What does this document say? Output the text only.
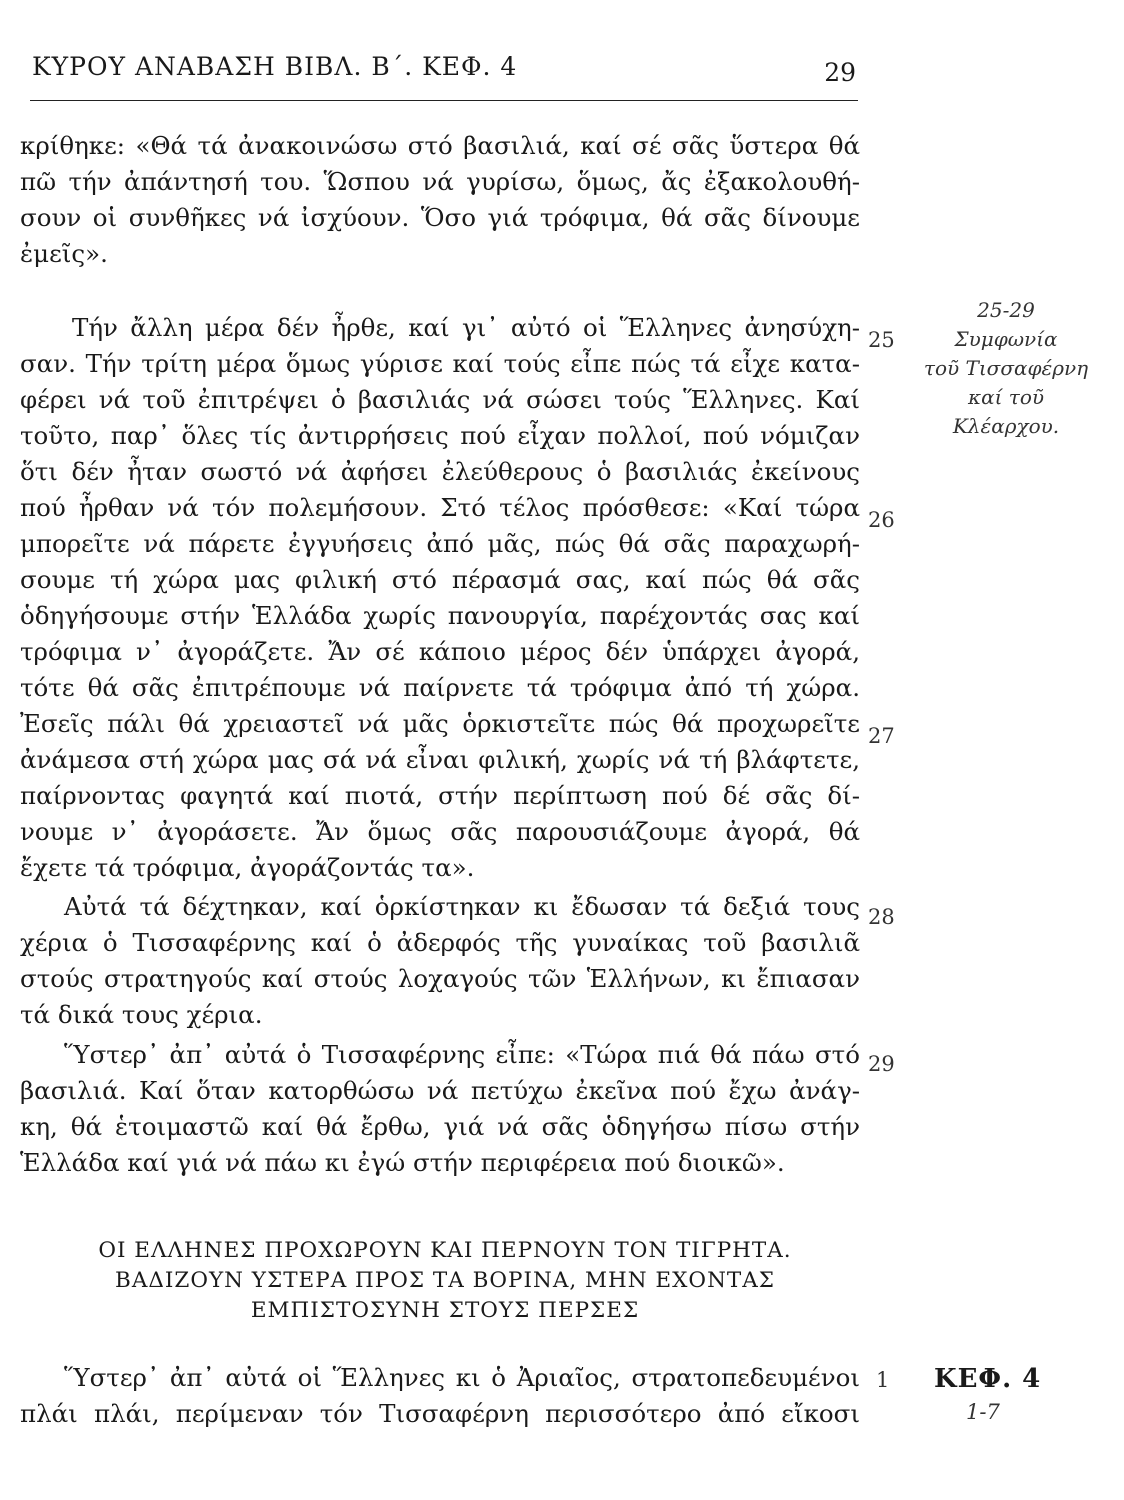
ΚΥΡΟΥ ΑΝΑΒΑΣΗ ΒΙΒΛ. Β΄. ΚΕΦ. 4	29
κρίθηκε: «Θά τά ἀνακοινώσω στό βασιλιά, καί σέ σᾶς ὕστερα θά
πῶ τήν ἀπάντησή του. Ὥσπου νά γυρίσω, ὅμως, ἄς ἐξακολουθή-
σουν οἱ συνθῆκες νά ἰσχύουν. Ὅσο γιά τρόφιμα, θά σᾶς δίνουμε
ἐμεῖς».
Τήν ἄλλη μέρα δέν ἦρθε, καί γι᾽ αὐτό οἱ Ἕλληνες ἀνησύχη-
σαν. Τήν τρίτη μέρα ὅμως γύρισε καί τούς εἶπε πώς τά εἶχε κατα-
φέρει νά τοῦ ἐπιτρέψει ὁ βασιλιάς νά σώσει τούς Ἕλληνες. Καί
τοῦτο, παρ᾽ ὅλες τίς ἀντιρρήσεις πού εἶχαν πολλοί, πού νόμιζαν
ὅτι δέν ἦταν σωστό νά ἀφήσει ἐλεύθερους ὁ βασιλιάς ἐκείνους
πού ἦρθαν νά τόν πολεμήσουν. Στό τέλος πρόσθεσε: «Καί τώρα
μπορεῖτε νά πάρετε ἐγγυήσεις ἀπό μᾶς, πώς θά σᾶς παραχωρή-
σουμε τή χώρα μας φιλική στό πέρασμά σας, καί πώς θά σᾶς
ὁδηγήσουμε στήν Ἑλλάδα χωρίς πανουργία, παρέχοντάς σας καί
τρόφιμα ν᾽ ἀγοράζετε. Ἄν σέ κάποιο μέρος δέν ὑπάρχει ἀγορά,
τότε θά σᾶς ἐπιτρέπουμε νά παίρνετε τά τρόφιμα ἀπό τή χώρα.
Ἐσεῖς πάλι θά χρειαστεῖ νά μᾶς ὁρκιστεῖτε πώς θά προχωρεῖτε
ἀνάμεσα στή χώρα μας σά νά εἶναι φιλική, χωρίς νά τή βλάφτετε,
παίρνοντας φαγητά καί πιοτά, στήν περίπτωση πού δέ σᾶς δί-
νουμε ν᾽ ἀγοράσετε. Ἄν ὅμως σᾶς παρουσιάζουμε ἀγορά, θά
ἔχετε τά τρόφιμα, ἀγοράζοντάς τα».
Αὐτά τά δέχτηκαν, καί ὁρκίστηκαν κι ἔδωσαν τά δεξιά τους
χέρια ὁ Τισσαφέρνης καί ὁ ἀδερφός τῆς γυναίκας τοῦ βασιλιᾶ
στούς στρατηγούς καί στούς λοχαγούς τῶν Ἑλλήνων, κι ἔπιασαν
τά δικά τους χέρια.
Ὕστερ᾽ ἀπ᾽ αὐτά ὁ Τισσαφέρνης εἶπε: «Τώρα πιά θά πάω στό
βασιλιά. Καί ὅταν κατορθώσω νά πετύχω ἐκεῖνα πού ἔχω ἀνάγ-
κη, θά ἑτοιμαστῶ καί θά ἔρθω, γιά νά σᾶς ὁδηγήσω πίσω στήν
Ἑλλάδα καί γιά νά πάω κι ἐγώ στήν περιφέρεια πού διοικῶ».
ΟΙ ΕΛΛΗΝΕΣ ΠΡΟΧΩΡΟΥΝ ΚΑΙ ΠΕΡΝΟΥΝ ΤΟΝ ΤΙΓΡΗΤΑ.
ΒΑΔΙΖΟΥΝ ΥΣΤΕΡΑ ΠΡΟΣ ΤΑ ΒΟΡΙΝΑ, ΜΗΝ ΕΧΟΝΤΑΣ
ΕΜΠΙΣΤΟΣΥΝΗ ΣΤΟΥΣ ΠΕΡΣΕΣ
Ὕστερ᾽ ἀπ᾽ αὐτά οἱ Ἕλληνες κι ὁ Ἀριαῖος, στρατοπεδευμένοι
πλάι πλάι, περίμεναν τόν Τισσαφέρνη περισσότερο ἀπό εἴκοσι
25
26
27
28
29
1
25-29
Συμφωνία
τοῦ Τισσαφέρνη
καί τοῦ
Κλέαρχου.
ΚΕΦ. 4
1-7
